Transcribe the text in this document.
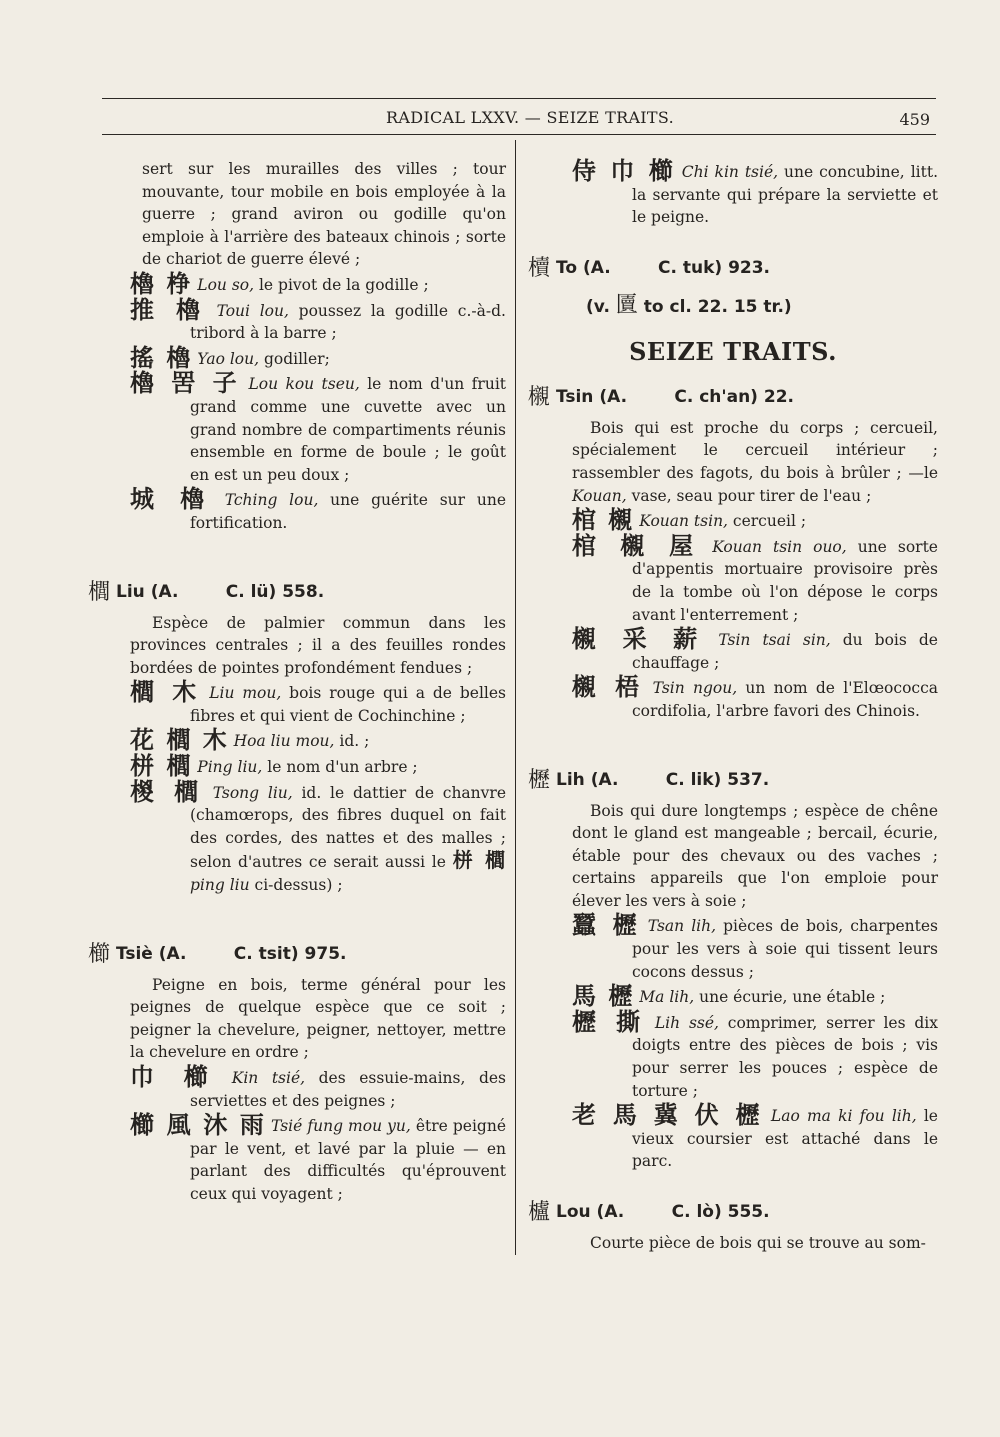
RADICAL LXXV. — SEIZE TRAITS.	459

sert sur les murailles des villes ; tour mouvante, tour mobile en bois employée à la guerre ; grand aviron ou godille qu'on emploie à l'arrière des bateaux chinois ; sorte de chariot de guerre élevé ;

櫓 棦 Lou so, le pivot de la godille ;

推 櫓 Toui lou, poussez la godille c.-à-d. tribord à la barre ;

搖 櫓 Yao lou, godiller;

櫓 罟 子 Lou kou tseu, le nom d'un fruit grand comme une cuvette avec un grand nombre de compartiments réunis ensemble en forme de boule ; le goût en est un peu doux ;

城 櫓 Tching lou, une guérite sur une fortification.

櫚 Liu (A.        C. lü) 558.

Espèce de palmier commun dans les provinces centrales ; il a des feuilles rondes bordées de pointes profondément fendues ;

櫚 木 Liu mou, bois rouge qui a de belles fibres et qui vient de Cochinchine ;

花 櫚 木 Hoa liu mou, id. ;

栟 櫚 Ping liu, le nom d'un arbre ;

椶 櫚 Tsong liu, id. le dattier de chanvre (chamœrops, des fibres duquel on fait des cordes, des nattes et des malles ; selon d'autres ce serait aussi le 栟 櫚 ping liu ci-dessus) ;

櫛 Tsiè (A.        C. tsit) 975.

Peigne en bois, terme général pour les peignes de quelque espèce que ce soit ; peigner la chevelure, peigner, nettoyer, mettre la chevelure en ordre ;

巾 櫛 Kin tsié, des essuie-mains, des serviettes et des peignes ;

櫛 風 沐 雨 Tsié fung mou yu, être peigné par le vent, et lavé par la pluie — en parlant des difficultés qu'éprouvent ceux qui voyagent ;

侍 巾 櫛 Chi kin tsié, une concubine, litt. la servante qui prépare la serviette et le peigne.

櫝 To (A.        C. tuk) 923.

(v. 匵 to cl. 22. 15 tr.)

SEIZE TRAITS.

櫬 Tsin (A.        C. ch'an) 22.

Bois qui est proche du corps ; cercueil, spécialement le cercueil intérieur ; rassembler des fagots, du bois à brûler ; —le Kouan, vase, seau pour tirer de l'eau ;

棺 櫬 Kouan tsin, cercueil ;

棺 櫬 屋 Kouan tsin ouo, une sorte d'appentis mortuaire provisoire près de la tombe où l'on dépose le corps avant l'enterrement ;

櫬 采 薪 Tsin tsai sin, du bois de chauffage ;

櫬 梧 Tsin ngou, un nom de l'Elœococca cordifolia, l'arbre favori des Chinois.

櫪 Lih (A.        C. lik) 537.

Bois qui dure longtemps ; espèce de chêne dont le gland est mangeable ; bercail, écurie, étable pour des chevaux ou des vaches ; certains appareils que l'on emploie pour élever les vers à soie ;

蠶 櫪 Tsan lih, pièces de bois, charpentes pour les vers à soie qui tissent leurs cocons dessus ;

馬 櫪 Ma lih, une écurie, une étable ;

櫪 撕 Lih ssé, comprimer, serrer les dix doigts entre des pièces de bois ; vis pour serrer les pouces ; espèce de torture ;

老 馬 冀 伏 櫪 Lao ma ki fou lih, le vieux coursier est attaché dans le parc.

櫨 Lou (A.        C. lò) 555.

Courte pièce de bois qui se trouve au som-
